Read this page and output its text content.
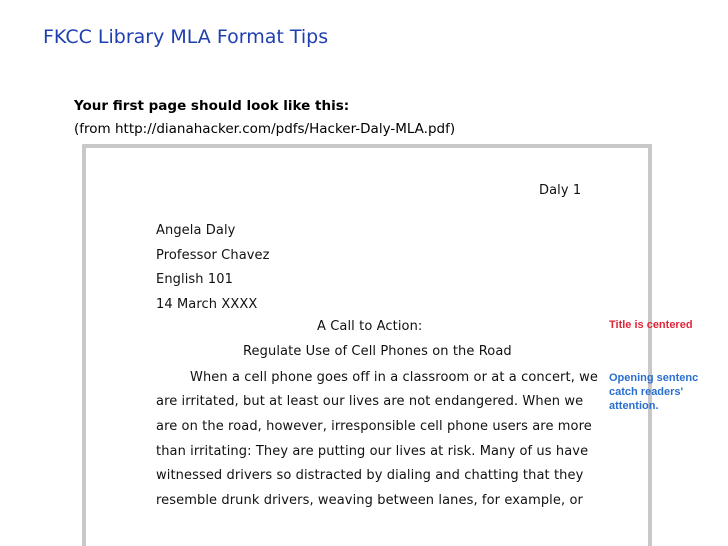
FKCC Library MLA Format Tips
Your first page should look like this:
(from http://dianahacker.com/pdfs/Hacker-Daly-MLA.pdf)
Daly 1
Angela Daly
Professor Chavez
English 101
14 March XXXX
A Call to Action:
Regulate Use of Cell Phones on the Road
When a cell phone goes off in a classroom or at a concert, we
are irritated, but at least our lives are not endangered. When we
are on the road, however, irresponsible cell phone users are more
than irritating: They are putting our lives at risk. Many of us have
witnessed drivers so distracted by dialing and chatting that they
resemble drunk drivers, weaving between lanes, for example, or
Title is centered
Opening sentenc
catch readers'
attention.
